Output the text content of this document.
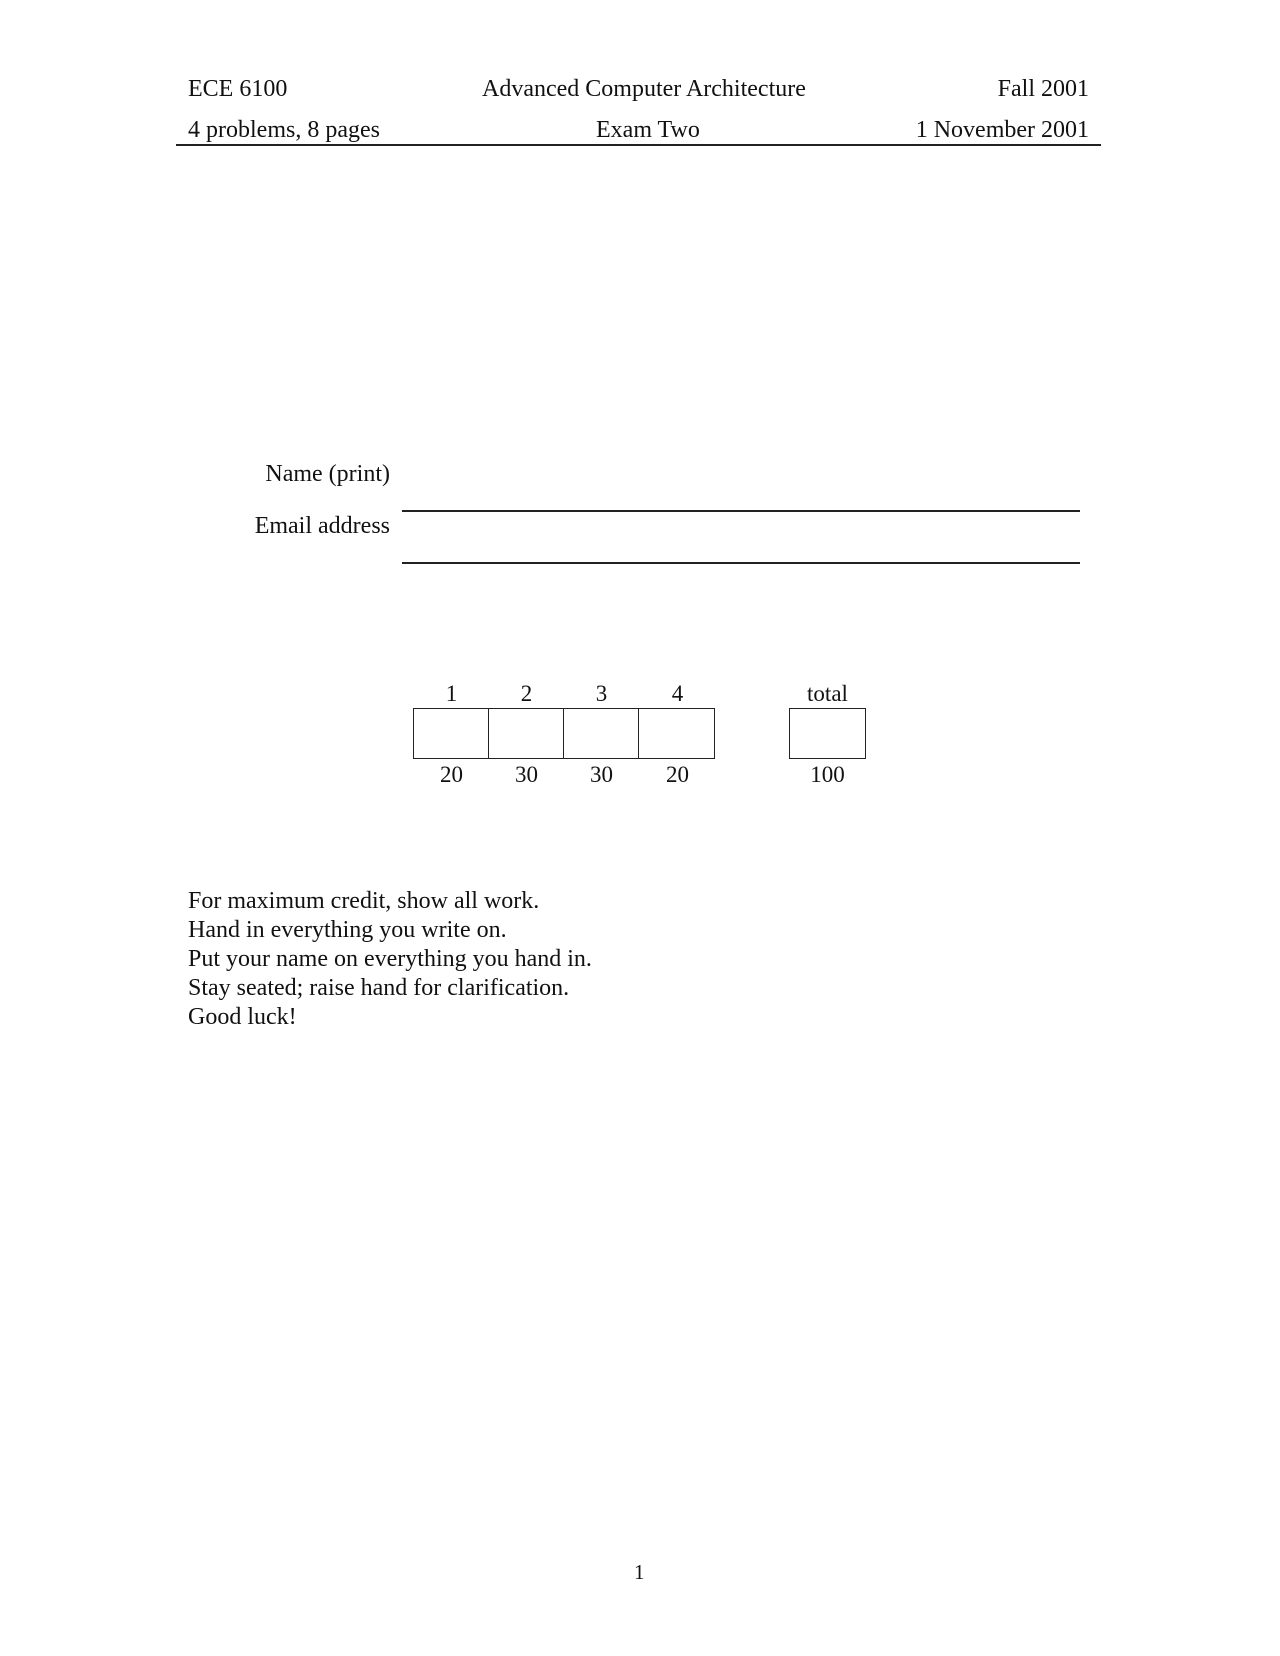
ECE 6100	Advanced Computer Architecture	Fall 2001
4 problems, 8 pages	Exam Two	1 November 2001
Name (print)
Email address
1	2	3	4	total
20	30	30	20	100
For maximum credit, show all work.
Hand in everything you write on.
Put your name on everything you hand in.
Stay seated; raise hand for clarification.
Good luck!
1
